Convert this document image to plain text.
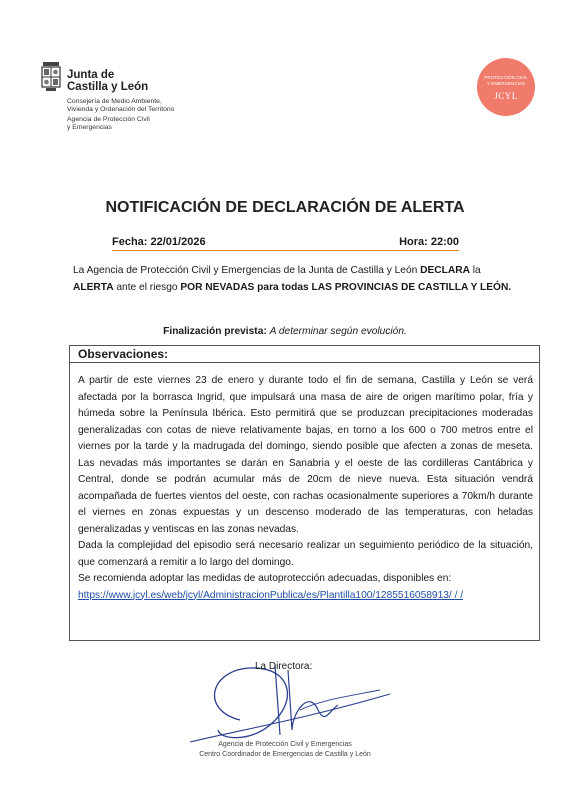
Junta de
Castilla y León
Consejería de Medio Ambiente,
Vivienda y Ordenación del Territorio
Agencia de Protección Civil
y Emergencias
PROTECCIÓN CIVIL
Y EMERGENCIAS
JCYL
NOTIFICACIÓN DE DECLARACIÓN DE ALERTA
Fecha: 22/01/2026	Hora: 22:00
La Agencia de Protección Civil y Emergencias de la Junta de Castilla y León DECLARA la ALERTA ante el riesgo POR NEVADAS para todas LAS PROVINCIAS DE CASTILLA Y LEÓN.
Finalización prevista: A determinar según evolución.
Observaciones:

A partir de este viernes 23 de enero y durante todo el fin de semana, Castilla y León se verá afectada por la borrasca Ingrid, que impulsará una masa de aire de origen marítimo polar, fría y húmeda sobre la Península Ibérica. Esto permitirá que se produzcan precipitaciones moderadas generalizadas con cotas de nieve relativamente bajas, en torno a los 600 o 700 metros entre el viernes por la tarde y la madrugada del domingo, siendo posible que afecten a zonas de meseta. Las nevadas más importantes se darán en Sanabria y el oeste de las cordilleras Cantábrica y Central, donde se podrán acumular más de 20cm de nieve nueva. Esta situación vendrá acompañada de fuertes vientos del oeste, con rachas ocasionalmente superiores a 70km/h durante el viernes en zonas expuestas y un descenso moderado de las temperaturas, con heladas generalizadas y ventiscas en las zonas nevadas.

Dada la complejidad del episodio será necesario realizar un seguimiento periódico de la situación, que comenzará a remitir a lo largo del domingo.

Se recomienda adoptar las medidas de autoprotección adecuadas, disponibles en:

https://www.jcyl.es/web/jcyl/AdministracionPublica/es/Plantilla100/1285516058913/ / /
La Directora:
Agencia de Protección Civil y Emergencias
Centro Coordinador de Emergencias de Castilla y León
